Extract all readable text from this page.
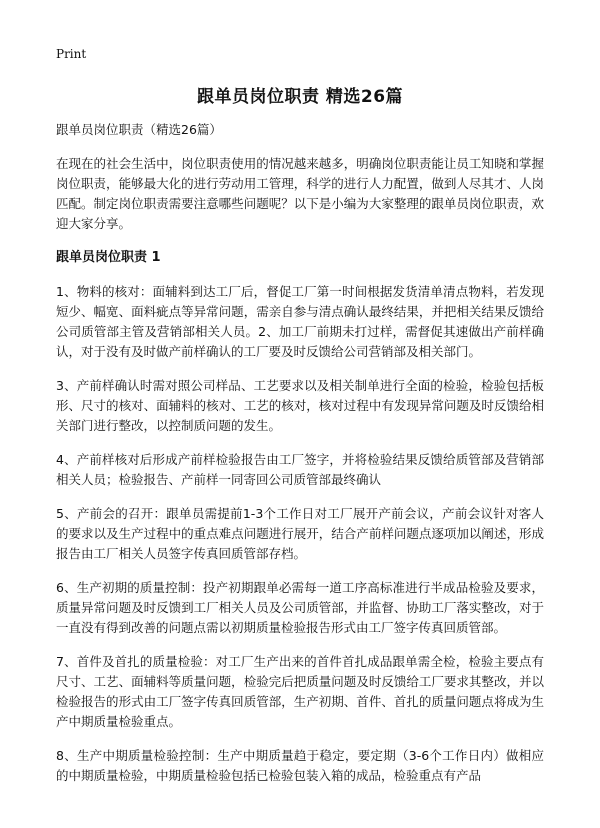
Print
跟单员岗位职责 精选26篇

跟单员岗位职责（精选26篇）

在现在的社会生活中，岗位职责使用的情况越来越多，明确岗位职责能让员工知晓和掌握岗位职责，能够最大化的进行劳动用工管理，科学的进行人力配置，做到人尽其才、人岗匹配。制定岗位职责需要注意哪些问题呢？以下是小编为大家整理的跟单员岗位职责，欢迎大家分享。

跟单员岗位职责 1

1、物料的核对：面辅料到达工厂后，督促工厂第一时间根据发货清单清点物料，若发现短少、幅宽、面料疵点等异常问题，需亲自参与清点确认最终结果，并把相关结果反馈给公司质管部主管及营销部相关人员。2、加工厂前期未打过样，需督促其速做出产前样确认，对于没有及时做产前样确认的工厂要及时反馈给公司营销部及相关部门。

3、产前样确认时需对照公司样品、工艺要求以及相关制单进行全面的检验，检验包括板形、尺寸的核对、面辅料的核对、工艺的核对，核对过程中有发现异常问题及时反馈给相关部门进行整改，以控制质问题的发生。

4、产前样核对后形成产前样检验报告由工厂签字，并将检验结果反馈给质管部及营销部相关人员；检验报告、产前样一同寄回公司质管部最终确认

5、产前会的召开：跟单员需提前1-3个工作日对工厂展开产前会议，产前会议针对客人的要求以及生产过程中的重点难点问题进行展开，结合产前样问题点逐项加以阐述，形成报告由工厂相关人员签字传真回质管部存档。

6、生产初期的质量控制：投产初期跟单必需每一道工序高标准进行半成品检验及要求，质量异常问题及时反馈到工厂相关人员及公司质管部，并监督、协助工厂落实整改，对于一直没有得到改善的问题点需以初期质量检验报告形式由工厂签字传真回质管部。

7、首件及首扎的质量检验：对工厂生产出来的首件首扎成品跟单需全检，检验主要点有尺寸、工艺、面辅料等质量问题，检验完后把质量问题及时反馈给工厂要求其整改，并以检验报告的形式由工厂签字传真回质管部，生产初期、首件、首扎的质量问题点将成为生产中期质量检验重点。

8、生产中期质量检验控制：生产中期质量趋于稳定，要定期（3-6个工作日内）做相应的中期质量检验，中期质量检验包括已检验包装入箱的成品，检验重点有产品
